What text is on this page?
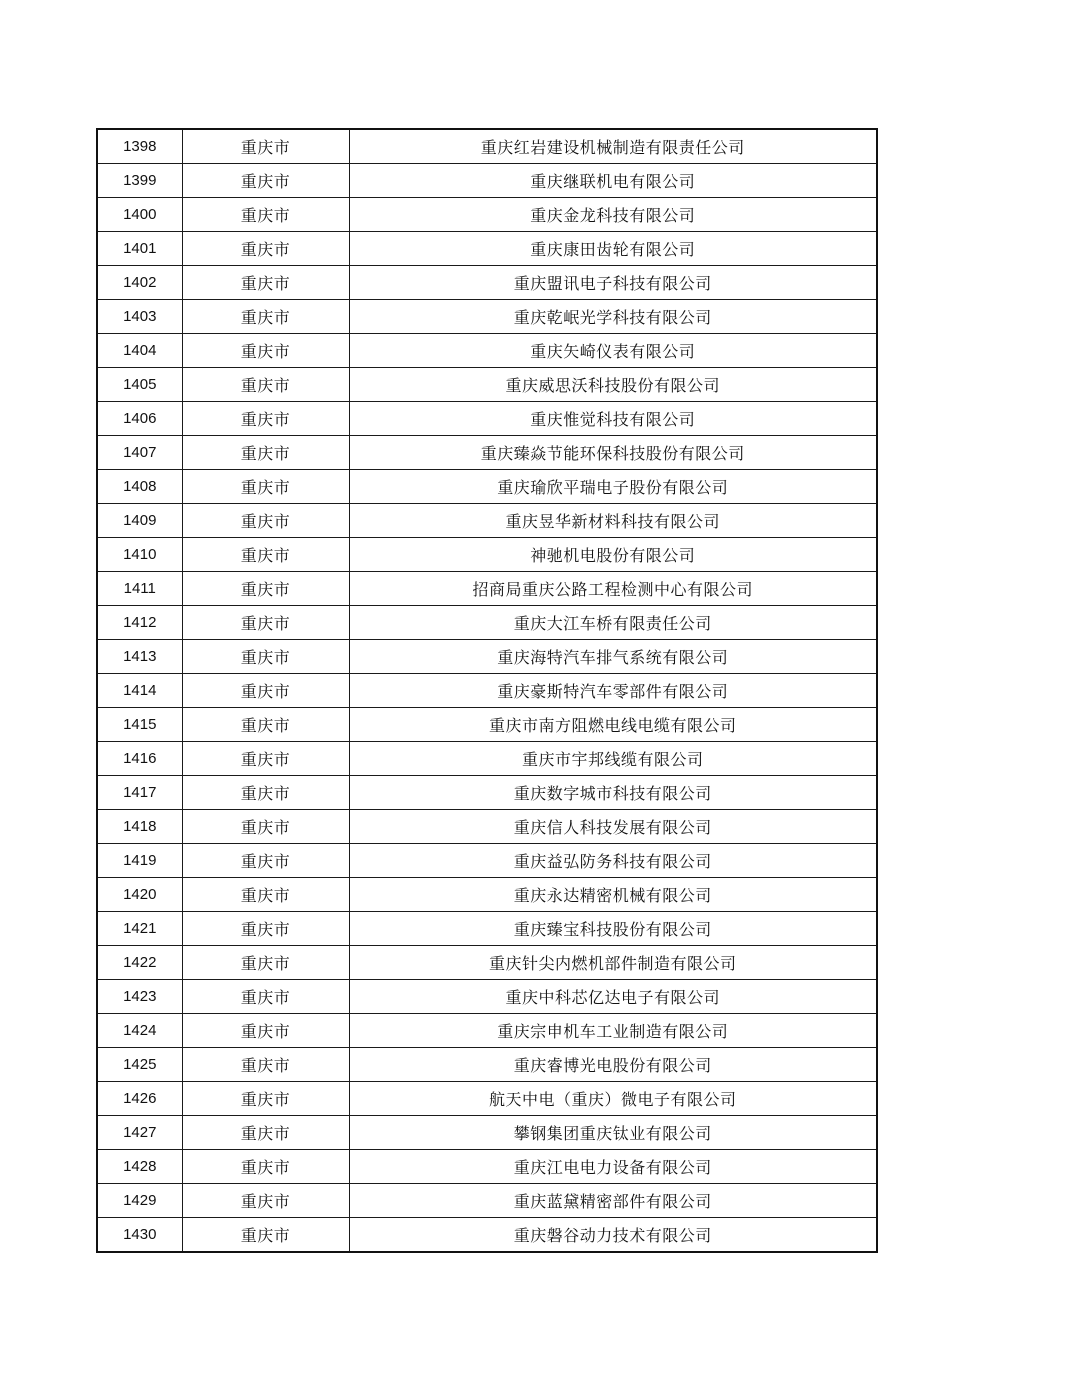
1398	重庆市	重庆红岩建设机械制造有限责任公司
1399	重庆市	重庆继联机电有限公司
1400	重庆市	重庆金龙科技有限公司
1401	重庆市	重庆康田齿轮有限公司
1402	重庆市	重庆盟讯电子科技有限公司
1403	重庆市	重庆乾岷光学科技有限公司
1404	重庆市	重庆矢崎仪表有限公司
1405	重庆市	重庆威思沃科技股份有限公司
1406	重庆市	重庆惟觉科技有限公司
1407	重庆市	重庆臻焱节能环保科技股份有限公司
1408	重庆市	重庆瑜欣平瑞电子股份有限公司
1409	重庆市	重庆昱华新材料科技有限公司
1410	重庆市	神驰机电股份有限公司
1411	重庆市	招商局重庆公路工程检测中心有限公司
1412	重庆市	重庆大江车桥有限责任公司
1413	重庆市	重庆海特汽车排气系统有限公司
1414	重庆市	重庆豪斯特汽车零部件有限公司
1415	重庆市	重庆市南方阻燃电线电缆有限公司
1416	重庆市	重庆市宇邦线缆有限公司
1417	重庆市	重庆数字城市科技有限公司
1418	重庆市	重庆信人科技发展有限公司
1419	重庆市	重庆益弘防务科技有限公司
1420	重庆市	重庆永达精密机械有限公司
1421	重庆市	重庆臻宝科技股份有限公司
1422	重庆市	重庆针尖内燃机部件制造有限公司
1423	重庆市	重庆中科芯亿达电子有限公司
1424	重庆市	重庆宗申机车工业制造有限公司
1425	重庆市	重庆睿博光电股份有限公司
1426	重庆市	航天中电（重庆）微电子有限公司
1427	重庆市	攀钢集团重庆钛业有限公司
1428	重庆市	重庆江电电力设备有限公司
1429	重庆市	重庆蓝黛精密部件有限公司
1430	重庆市	重庆磐谷动力技术有限公司
